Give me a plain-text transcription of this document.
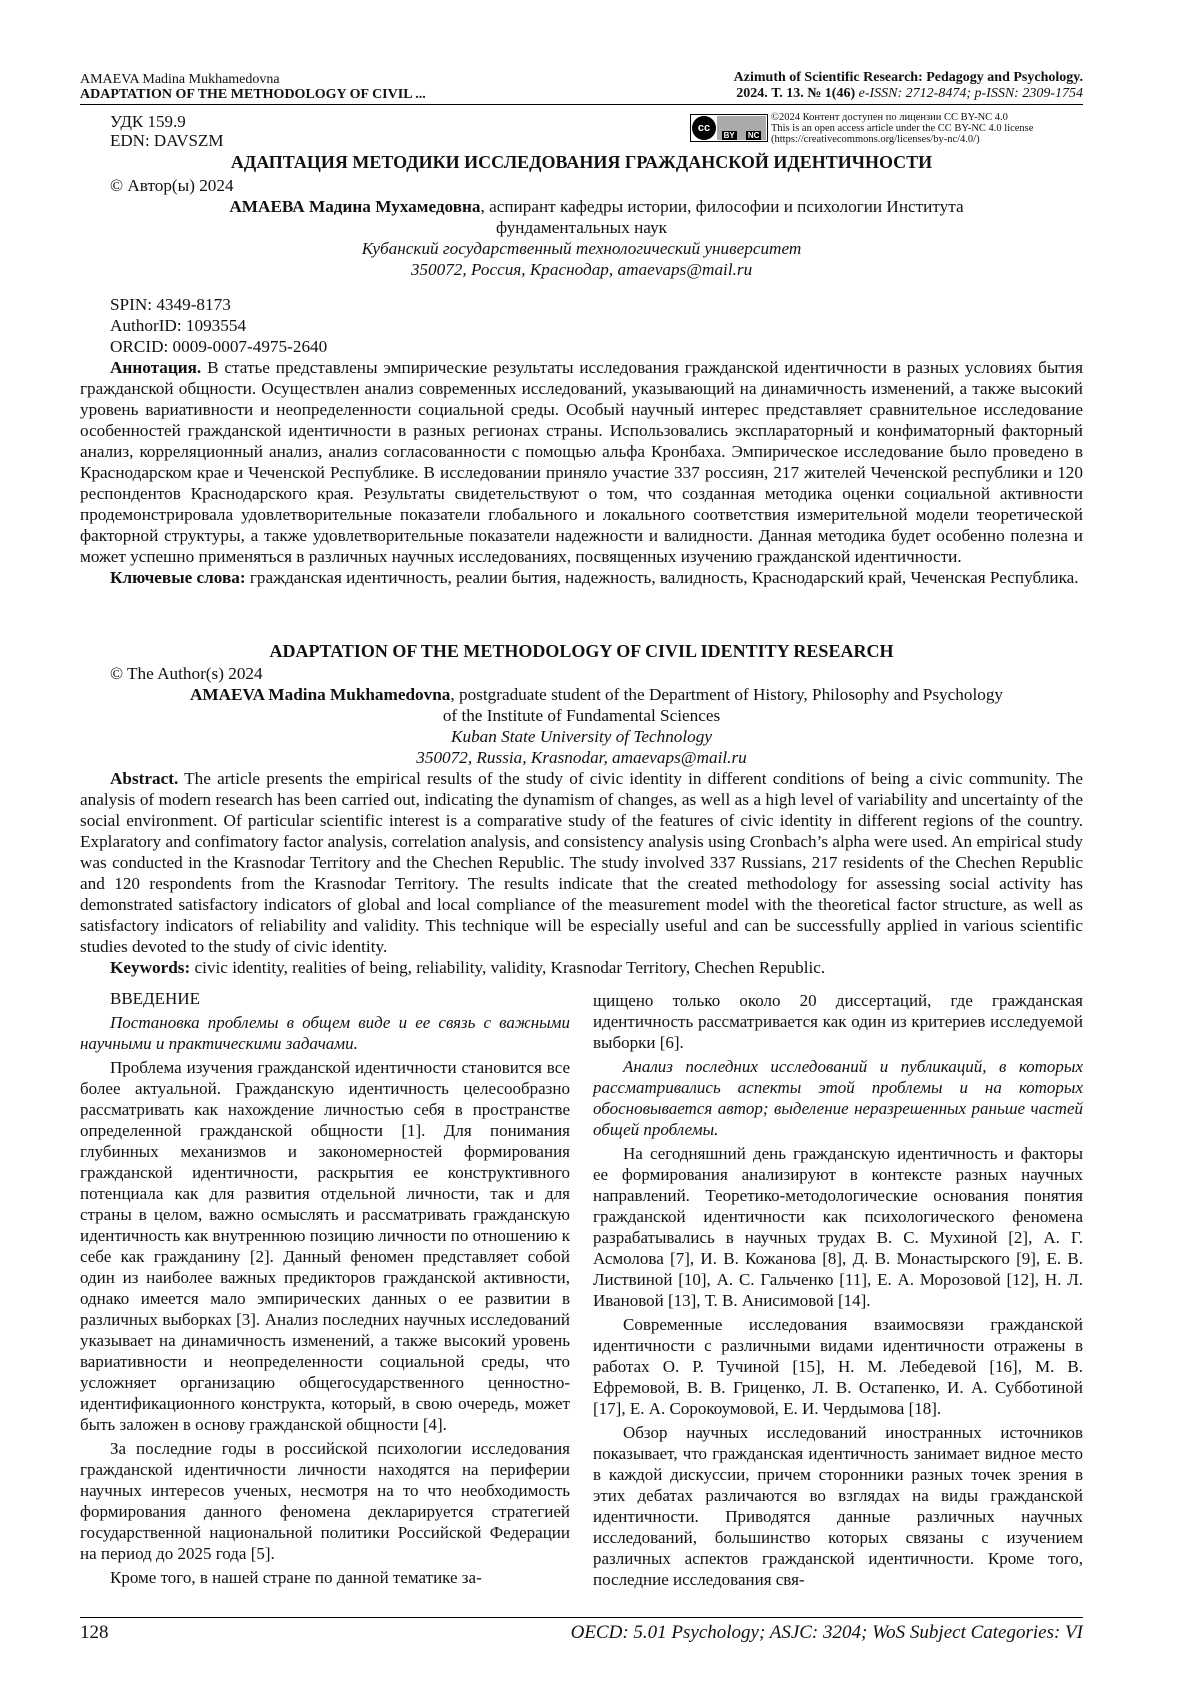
AMAEVA Madina Mukhamedovna
ADAPTATION OF THE METHODOLOGY OF CIVIL ...
Azimuth of Scientific Research: Pedagogy and Psychology.
2024. Т. 13. № 1(46) e-ISSN: 2712-8474; p-ISSN: 2309-1754
УДК 159.9
EDN: DAVSZM
cc
BY NC
©2024 Контент доступен по лицензии CC BY-NC 4.0
This is an open access article under the CC BY-NC 4.0 license
(https://creativecommons.org/licenses/by-nc/4.0/)
АДАПТАЦИЯ МЕТОДИКИ ИССЛЕДОВАНИЯ ГРАЖДАНСКОЙ ИДЕНТИЧНОСТИ
© Автор(ы) 2024
АМАЕВА Мадина Мухамедовна, аспирант кафедры истории, философии и психологии Института
фундаментальных наук
Кубанский государственный технологический университет
350072, Россия, Краснодар, amaevaps@mail.ru
SPIN: 4349-8173
AuthorID: 1093554
ORCID: 0009-0007-4975-2640
Аннотация. В статье представлены эмпирические результаты исследования гражданской идентичности в разных условиях бытия гражданской общности. Осуществлен анализ современных исследований, указывающий на динамичность изменений, а также высокий уровень вариативности и неопределенности социальной среды. Особый научный интерес представляет сравнительное исследование особенностей гражданской идентичности в разных регионах страны. Использовались эксплараторный и конфиматорный факторный анализ, корреляционный анализ, анализ согласованности с помощью альфа Кронбаха. Эмпирическое исследование было проведено в Краснодарском крае и Чеченской Республике. В исследовании приняло участие 337 россиян, 217 жителей Чеченской республики и 120 респондентов Краснодарского края. Результаты свидетельствуют о том, что созданная методика оценки социальной активности продемонстрировала удовлетворительные показатели глобального и локального соответствия измерительной модели теоретической факторной структуры, а также удовлетворительные показатели надежности и валидности. Данная методика будет особенно полезна и может успешно применяться в различных научных исследованиях, посвященных изучению гражданской идентичности.
Ключевые слова: гражданская идентичность, реалии бытия, надежность, валидность, Краснодарский край, Чеченская Республика.
ADAPTATION OF THE METHODOLOGY OF CIVIL IDENTITY RESEARCH
© The Author(s) 2024
AMAEVA Madina Mukhamedovna, postgraduate student of the Department of History, Philosophy and Psychology
of the Institute of Fundamental Sciences
Kuban State University of Technology
350072, Russia, Krasnodar, amaevaps@mail.ru
Abstract. The article presents the empirical results of the study of civic identity in different conditions of being a civic community. The analysis of modern research has been carried out, indicating the dynamism of changes, as well as a high level of variability and uncertainty of the social environment. Of particular scientific interest is a comparative study of the features of civic identity in different regions of the country. Explaratory and confimatory factor analysis, correlation analysis, and consistency analysis using Cronbach’s alpha were used. An empirical study was conducted in the Krasnodar Territory and the Chechen Republic. The study involved 337 Russians, 217 residents of the Chechen Republic and 120 respondents from the Krasnodar Territory. The results indicate that the created methodology for assessing social activity has demonstrated satisfactory indicators of global and local compliance of the measurement model with the theoretical factor structure, as well as satisfactory indicators of reliability and validity. This technique will be especially useful and can be successfully applied in various scientific studies devoted to the study of civic identity.
Keywords: civic identity, realities of being, reliability, validity, Krasnodar Territory, Chechen Republic.

ВВЕДЕНИЕ

Постановка проблемы в общем виде и ее связь с важными научными и практическими задачами.

Проблема изучения гражданской идентичности становится все более актуальной. Гражданскую идентичность целесообразно рассматривать как нахождение личностью себя в пространстве определенной гражданской общности [1]. Для понимания глубинных механизмов и закономерностей формирования гражданской идентичности, раскрытия ее конструктивного потенциала как для развития отдельной личности, так и для страны в целом, важно осмыслять и рассматривать гражданскую идентичность как внутреннюю позицию личности по отношению к себе как гражданину [2]. Данный феномен представляет собой один из наиболее важных предикторов гражданской активности, однако имеется мало эмпирических данных о ее развитии в различных выборках [3]. Анализ последних научных исследований указывает на динамичность изменений, а также высокий уровень вариативности и неопределенности социальной среды, что усложняет организацию общегосударственного ценностно-идентификационного конструкта, который, в свою очередь, может быть заложен в основу гражданской общности [4].

За последние годы в российской психологии исследования гражданской идентичности личности находятся на периферии научных интересов ученых, несмотря на то что необходимость формирования данного феномена декларируется стратегией государственной национальной политики Российской Федерации на период до 2025 года [5].

Кроме того, в нашей стране по данной тематике за-

щищено только около 20 диссертаций, где гражданская идентичность рассматривается как один из критериев исследуемой выборки [6].

Анализ последних исследований и публикаций, в которых рассматривались аспекты этой проблемы и на которых обосновывается автор; выделение неразрешенных раньше частей общей проблемы.

На сегодняшний день гражданскую идентичность и факторы ее формирования анализируют в контексте разных научных направлений. Теоретико-методологические основания понятия гражданской идентичности как психологического феномена разрабатывались в научных трудах В. С. Мухиной [2], А. Г. Асмолова [7], И. В. Кожанова [8], Д. В. Монастырского [9], Е. В. Листвиной [10], А. С. Гальченко [11], Е. А. Морозовой [12], Н. Л. Ивановой [13], Т. В. Анисимовой [14].

Современные исследования взаимосвязи гражданской идентичности с различными видами идентичности отражены в работах О. Р. Тучиной [15], Н. М. Лебедевой [16], М. В. Ефремовой, В. В. Гриценко, Л. В. Остапенко, И. А. Субботиной [17], Е. А. Сорокоумовой, Е. И. Чердымова [18].

Обзор научных исследований иностранных источников показывает, что гражданская идентичность занимает видное место в каждой дискуссии, причем сторонники разных точек зрения в этих дебатах различаются во взглядах на виды гражданской идентичности. Приводятся данные различных научных исследований, большинство которых связаны с изучением различных аспектов гражданской идентичности. Кроме того, последние исследования свя-

128	OECD: 5.01 Psychology; ASJC: 3204; WoS Subject Categories: VI
